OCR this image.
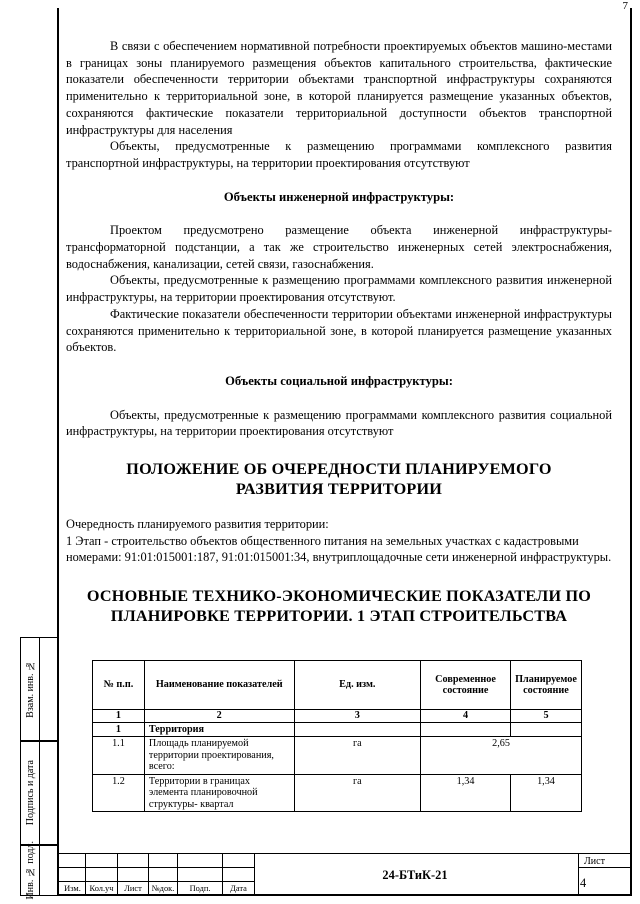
7

В связи с обеспечением нормативной потребности проектируемых объектов машино-местами в границах зоны планируемого размещения объектов капитального строительства, фактические показатели обеспеченности территории объектами транспортной инфраструктуры сохраняются применительно к территориальной зоне, в которой планируется размещение указанных объектов, сохраняются фактические показатели территориальной доступности объектов транспортной инфраструктуры для населения

Объекты, предусмотренные к размещению программами комплексного развития транспортной инфраструктуры, на территории проектирования отсутствуют

Объекты инженерной инфраструктуры:

Проектом предусмотрено размещение объекта инженерной инфраструктуры-трансформаторной подстанции, а так же строительство инженерных сетей электроснабжения, водоснабжения, канализации, сетей связи, газоснабжения.

Объекты, предусмотренные к размещению программами комплексного развития инженерной инфраструктуры, на территории проектирования отсутствуют.

Фактические показатели обеспеченности территории объектами инженерной инфраструктуры сохраняются применительно к территориальной зоне, в которой планируется размещение указанных объектов.

Объекты социальной инфраструктуры:

Объекты, предусмотренные к размещению программами комплексного развития социальной инфраструктуры, на территории проектирования отсутствуют

ПОЛОЖЕНИЕ ОБ ОЧЕРЕДНОСТИ ПЛАНИРУЕМОГО

РАЗВИТИЯ ТЕРРИТОРИИ

Очередность планируемого развития территории:

1 Этап - строительство объектов общественного питания на земельных участках с кадастровыми номерами: 91:01:015001:187, 91:01:015001:34, внутриплощадочные сети инженерной инфраструктуры.

ОСНОВНЫЕ ТЕХНИКО-ЭКОНОМИЧЕСКИЕ ПОКАЗАТЕЛИ ПО

ПЛАНИРОВКЕ ТЕРРИТОРИИ. 1 ЭТАП СТРОИТЕЛЬСТВА

№ п.п.	Наименование показателей	Ед. изм.	Современное состояние	Планируемое состояние
1	2	3	4	5
1	Территория			
1.1	Площадь планируемой территории проектирования, всего:	га	2,65	
1.2	Территории в границах элемента планировочной структуры- квартал	га	1,34	1,34
Взам. инв. №
Подпись и дата
Инв. № подл.	Изм.	Кол.уч	Лист	№док.	Подп.	Дата
24-БТиК-21
Лист
4
